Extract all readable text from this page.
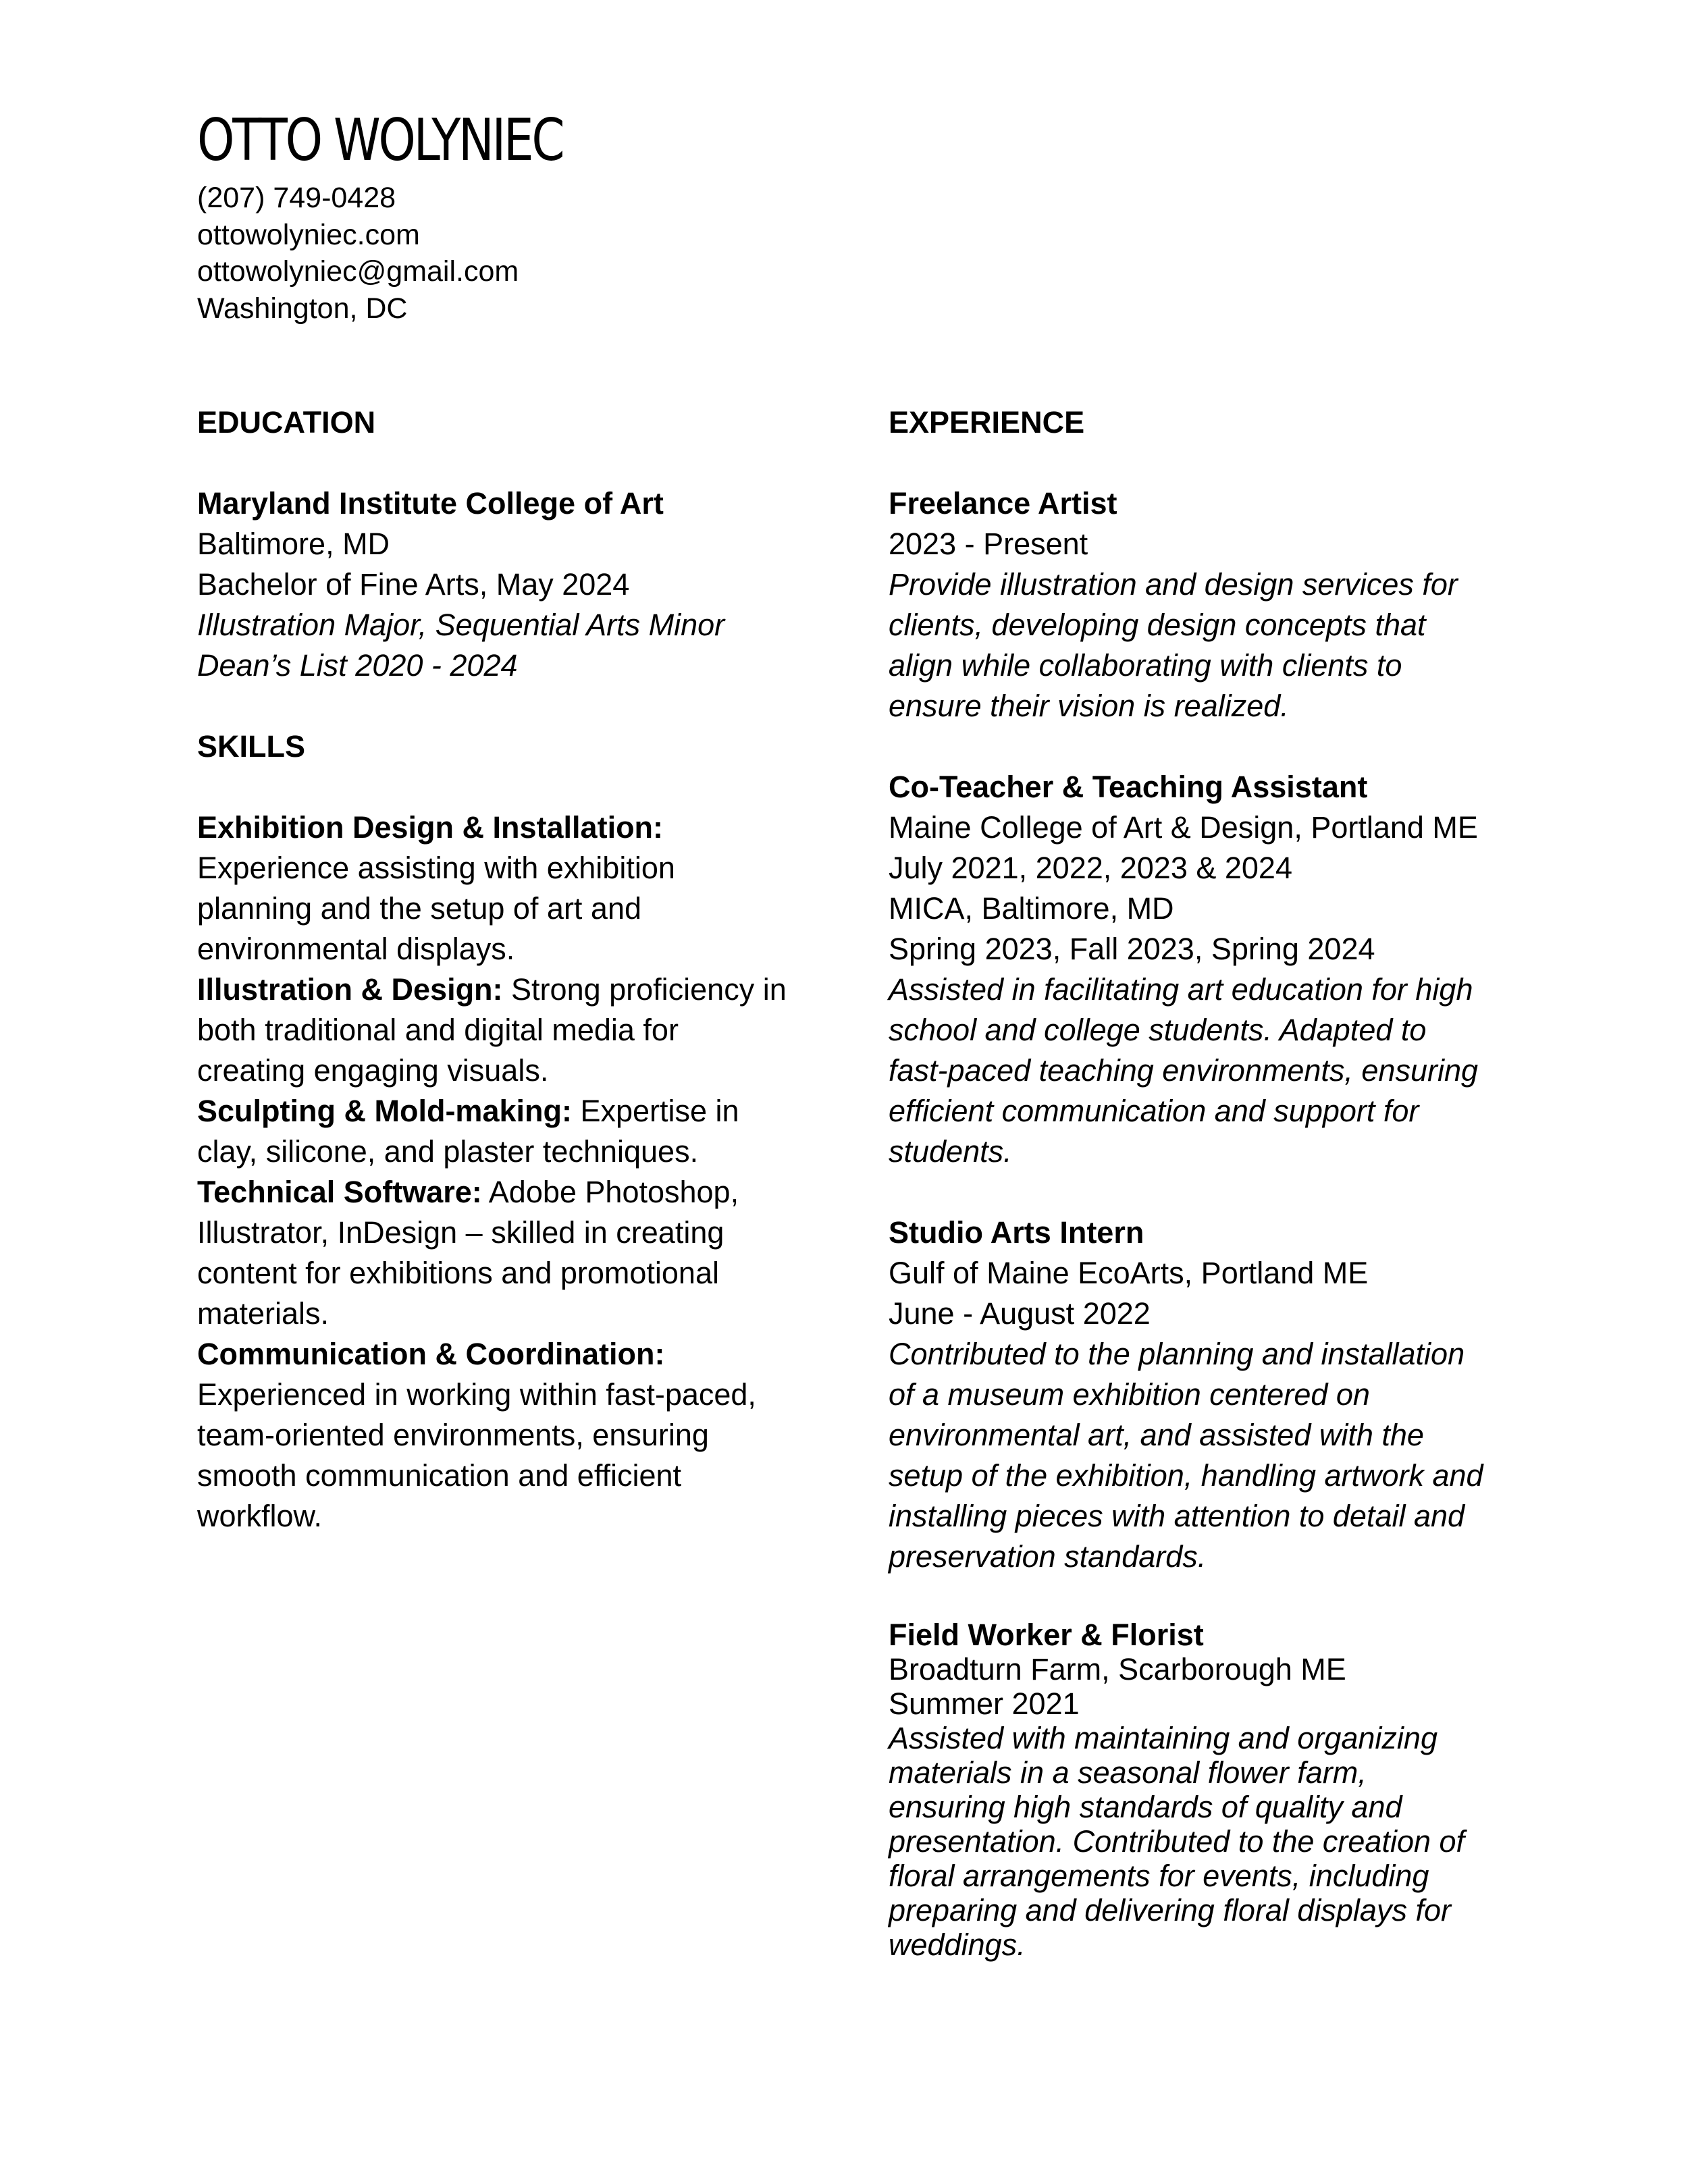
OTTO WOLYNIEC
(207) 749-0428
ottowolyniec.com
ottowolyniec@gmail.com
Washington, DC
EDUCATION
Maryland Institute College of Art
Baltimore, MD
Bachelor of Fine Arts, May 2024
Illustration Major, Sequential Arts Minor
Dean’s List 2020 - 2024
SKILLS
Exhibition Design & Installation:
Experience assisting with exhibition
planning and the setup of art and
environmental displays.
Illustration & Design: Strong proficiency in
both traditional and digital media for
creating engaging visuals.
Sculpting & Mold-making: Expertise in
clay, silicone, and plaster techniques.
Technical Software: Adobe Photoshop,
Illustrator, InDesign – skilled in creating
content for exhibitions and promotional
materials.
Communication & Coordination:
Experienced in working within fast-paced,
team-oriented environments, ensuring
smooth communication and efficient
workflow.
EXPERIENCE
Freelance Artist
2023 - Present
Provide illustration and design services for
clients, developing design concepts that
align while collaborating with clients to
ensure their vision is realized.
Co-Teacher & Teaching Assistant
Maine College of Art & Design, Portland ME
July 2021, 2022, 2023 & 2024
MICA, Baltimore, MD
Spring 2023, Fall 2023, Spring 2024
Assisted in facilitating art education for high
school and college students. Adapted to
fast-paced teaching environments, ensuring
efficient communication and support for
students.
Studio Arts Intern
Gulf of Maine EcoArts, Portland ME
June - August 2022
Contributed to the planning and installation
of a museum exhibition centered on
environmental art, and assisted with the
setup of the exhibition, handling artwork and
installing pieces with attention to detail and
preservation standards.
Field Worker & Florist
Broadturn Farm, Scarborough ME
Summer 2021
Assisted with maintaining and organizing
materials in a seasonal flower farm,
ensuring high standards of quality and
presentation. Contributed to the creation of
floral arrangements for events, including
preparing and delivering floral displays for
weddings.
